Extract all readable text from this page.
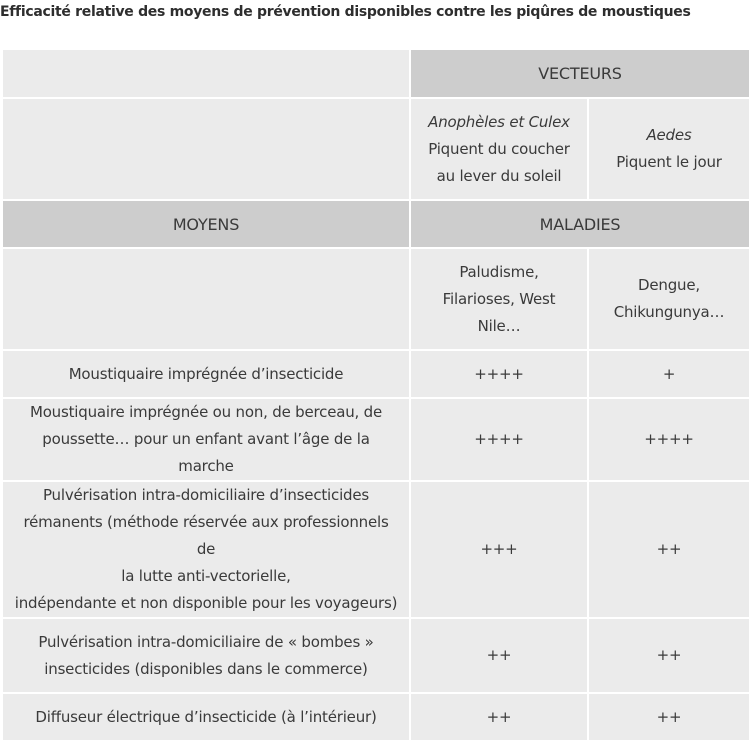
Efficacité relative des moyens de prévention disponibles contre les piqûres de moustiques
	VECTEURS	

	Anophèles et Culex
Piquent du coucher
au lever du soleil	Aedes
Piquent le jour

MOYENS	MALADIES	

	Paludisme,
Filarioses, West
Nile…	Dengue,
Chikungunya…

Moustiquaire imprégnée d’insecticide	++++	+

Moustiquaire imprégnée ou non, de berceau, de
poussette… pour un enfant avant l’âge de la marche	++++	++++

Pulvérisation intra-domiciliaire d’insecticides
rémanents (méthode réservée aux professionnels de
la lutte anti-vectorielle,
indépendante et non disponible pour les voyageurs)	+++	++

Pulvérisation intra-domiciliaire de « bombes »
insecticides (disponibles dans le commerce)	++	++

Diffuseur électrique d’insecticide (à l’intérieur)	++	++
